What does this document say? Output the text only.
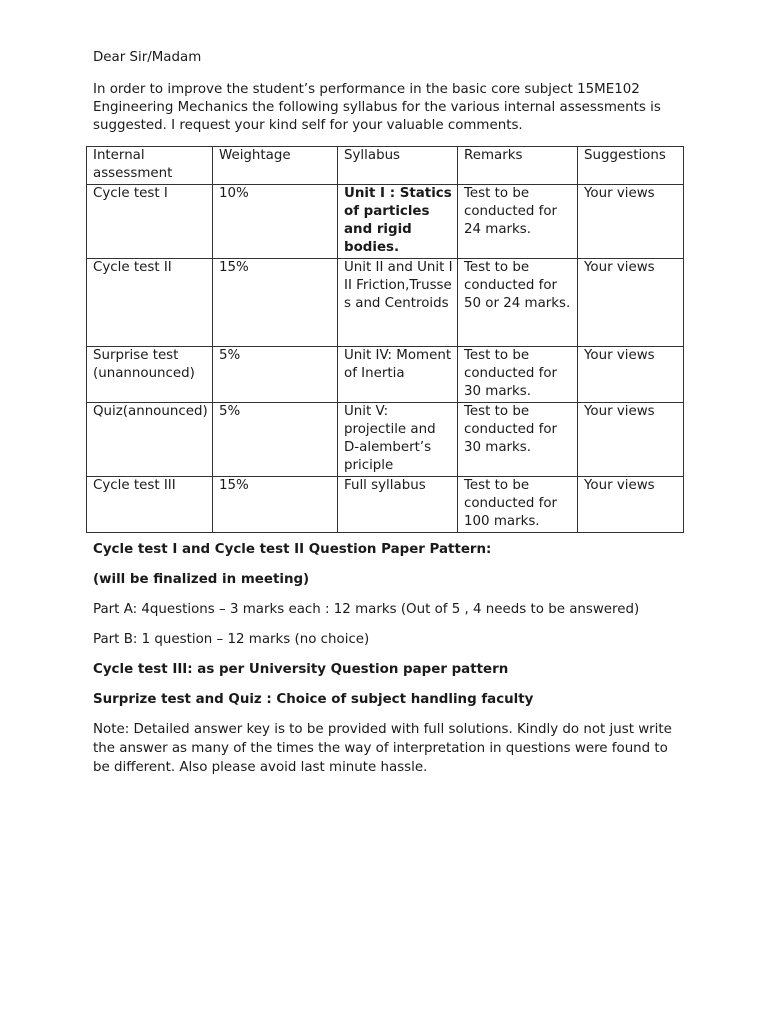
Dear Sir/Madam

In order to improve the student’s performance in the basic core subject 15ME102 Engineering Mechanics the following syllabus for the various internal assessments is suggested. I request your kind self for your valuable comments.

Internal assessment	Weightage	Syllabus	Remarks	Suggestions
Cycle test I	10%	Unit I : Statics of particles and rigid bodies.	Test to be conducted for 24 marks.	Your views
Cycle test II	15%	Unit II and Unit III Friction,Trusses and Centroids	Test to be conducted for 50 or 24 marks.	Your views
Surprise test (unannounced)	5%	Unit IV: Moment of Inertia	Test to be conducted for 30 marks.	Your views
Quiz(announced)	5%	Unit V: projectile and D-alembert’s priciple	Test to be conducted for 30 marks.	Your views
Cycle test III	15%	Full syllabus	Test to be conducted for 100 marks.	Your views

Cycle test I and Cycle test II Question Paper Pattern:

(will be finalized in meeting)

Part A: 4questions – 3 marks each : 12 marks (Out of 5 , 4 needs to be answered)

Part B: 1 question – 12 marks (no choice)

Cycle test III: as per University Question paper pattern

Surprize test and Quiz : Choice of subject handling faculty

Note: Detailed answer key is to be provided with full solutions. Kindly do not just write the answer as many of the times the way of interpretation in questions were found to be different. Also please avoid last minute hassle.
